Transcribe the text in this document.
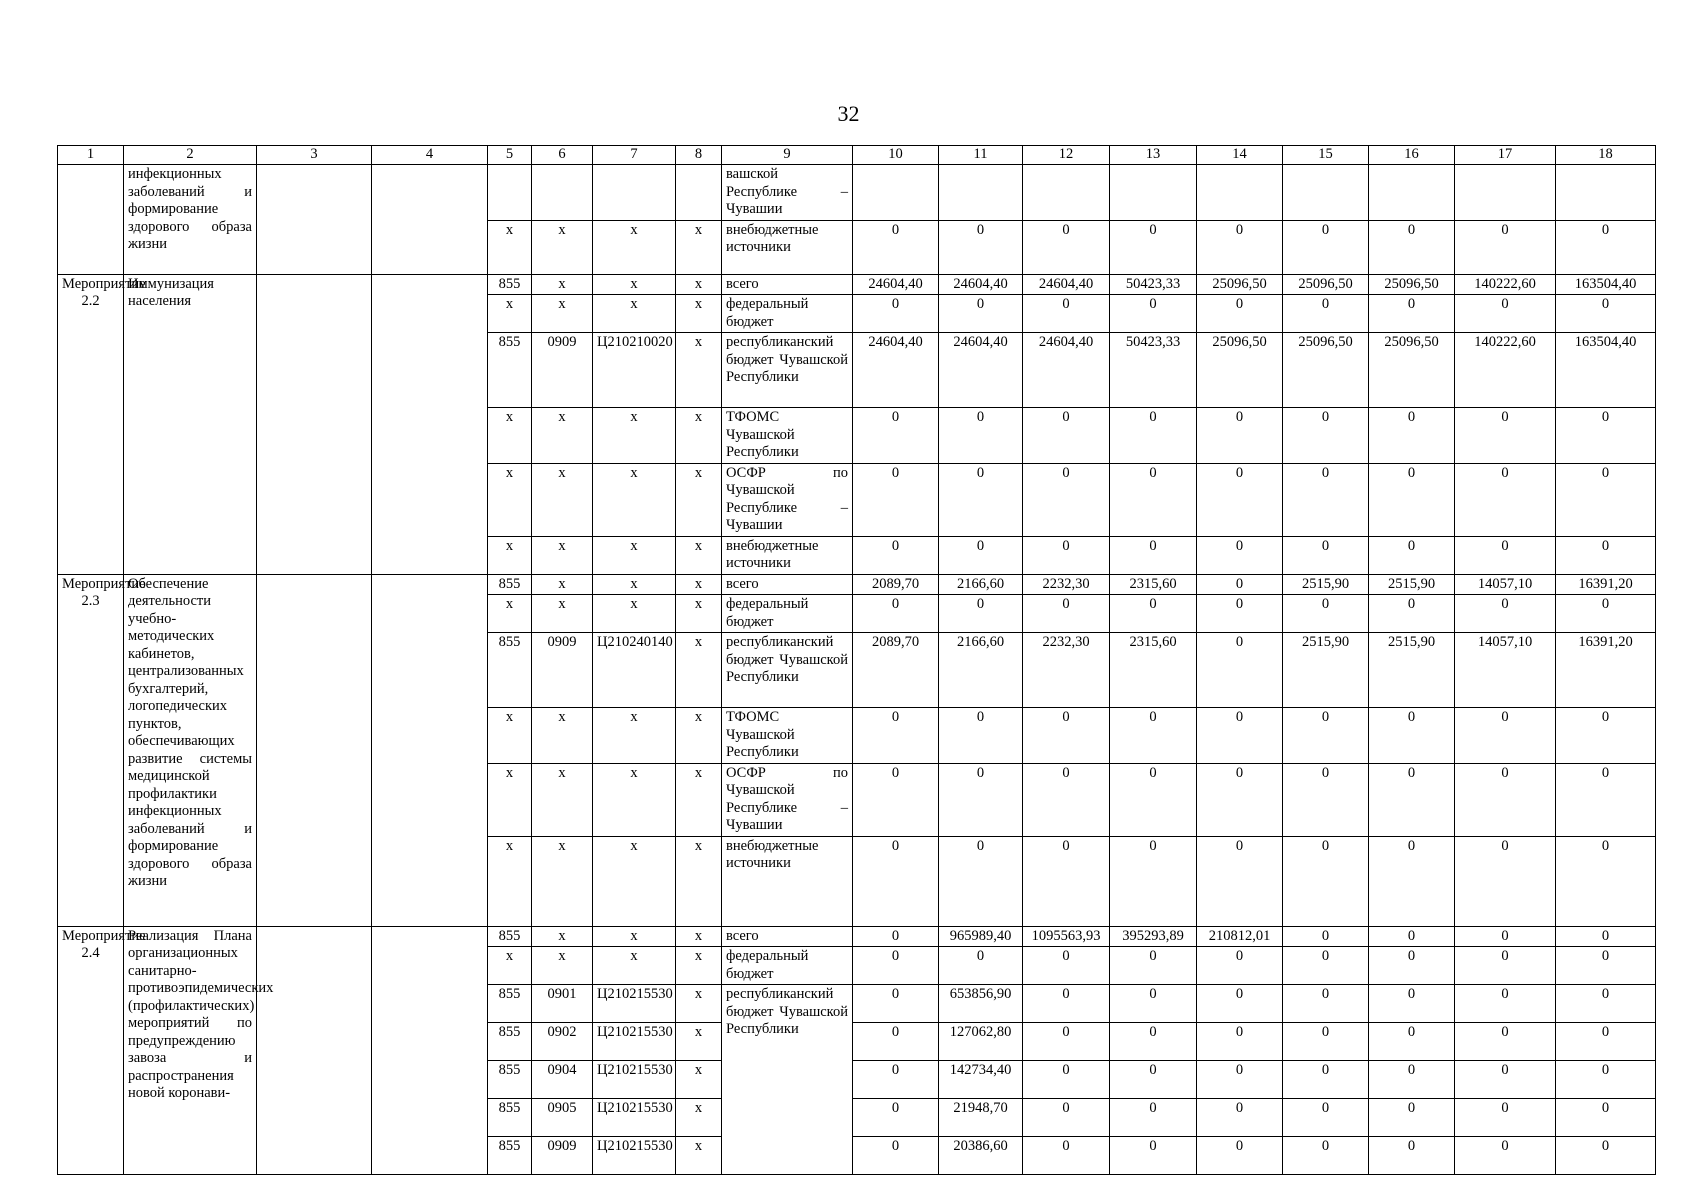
32
1	2	3	4	5	6	7	8	9	10	11	12	13	14	15	16	17	18
	инфекционных заболеваний и формирование здорового образа жизни							вашской Республике – Чувашии									
				x	x	x	x	внебюджетные источники	0	0	0	0	0	0	0	0	0
Мероприятие 2.2	Иммунизация населения			855	x	x	x	всего	24604,40	24604,40	24604,40	50423,33	25096,50	25096,50	25096,50	140222,60	163504,40
				x	x	x	x	федеральный бюджет	0	0	0	0	0	0	0	0	0
				855	0909	Ц210210020	x	республиканский бюджет Чувашской Республики	24604,40	24604,40	24604,40	50423,33	25096,50	25096,50	25096,50	140222,60	163504,40
				x	x	x	x	ТФОМС Чувашской Республики	0	0	0	0	0	0	0	0	0
				x	x	x	x	ОСФР по Чувашской Республике – Чувашии	0	0	0	0	0	0	0	0	0
				x	x	x	x	внебюджетные источники	0	0	0	0	0	0	0	0	0
Мероприятие 2.3	Обеспечение деятельности учебно-методических кабинетов, централизованных бухгалтерий, логопедических пунктов, обеспечивающих развитие системы медицинской профилактики инфекционных заболеваний и формирование здорового образа жизни			855	x	x	x	всего	2089,70	2166,60	2232,30	2315,60	0	2515,90	2515,90	14057,10	16391,20
				x	x	x	x	федеральный бюджет	0	0	0	0	0	0	0	0	0
				855	0909	Ц210240140	x	республиканский бюджет Чувашской Республики	2089,70	2166,60	2232,30	2315,60	0	2515,90	2515,90	14057,10	16391,20
				x	x	x	x	ТФОМС Чувашской Республики	0	0	0	0	0	0	0	0	0
				x	x	x	x	ОСФР по Чувашской Республике – Чувашии	0	0	0	0	0	0	0	0	0
				x	x	x	x	внебюджетные источники	0	0	0	0	0	0	0	0	0
Мероприятие 2.4	Реализация Плана организационных санитарно-противоэпидемических (профилактических) мероприятий по предупреждению завоза и распространения новой коронави-			855	x	x	x	всего	0	965989,40	1095563,93	395293,89	210812,01	0	0	0	0
				x	x	x	x	федеральный бюджет	0	0	0	0	0	0	0	0	0
				855	0901	Ц210215530	x	республиканский бюджет Чувашской Республики	0	653856,90	0	0	0	0	0	0	0
				855	0902	Ц210215530	x		0	127062,80	0	0	0	0	0	0	0
				855	0904	Ц210215530	x		0	142734,40	0	0	0	0	0	0	0
				855	0905	Ц210215530	x		0	21948,70	0	0	0	0	0	0	0
				855	0909	Ц210215530	x		0	20386,60	0	0	0	0	0	0	0
